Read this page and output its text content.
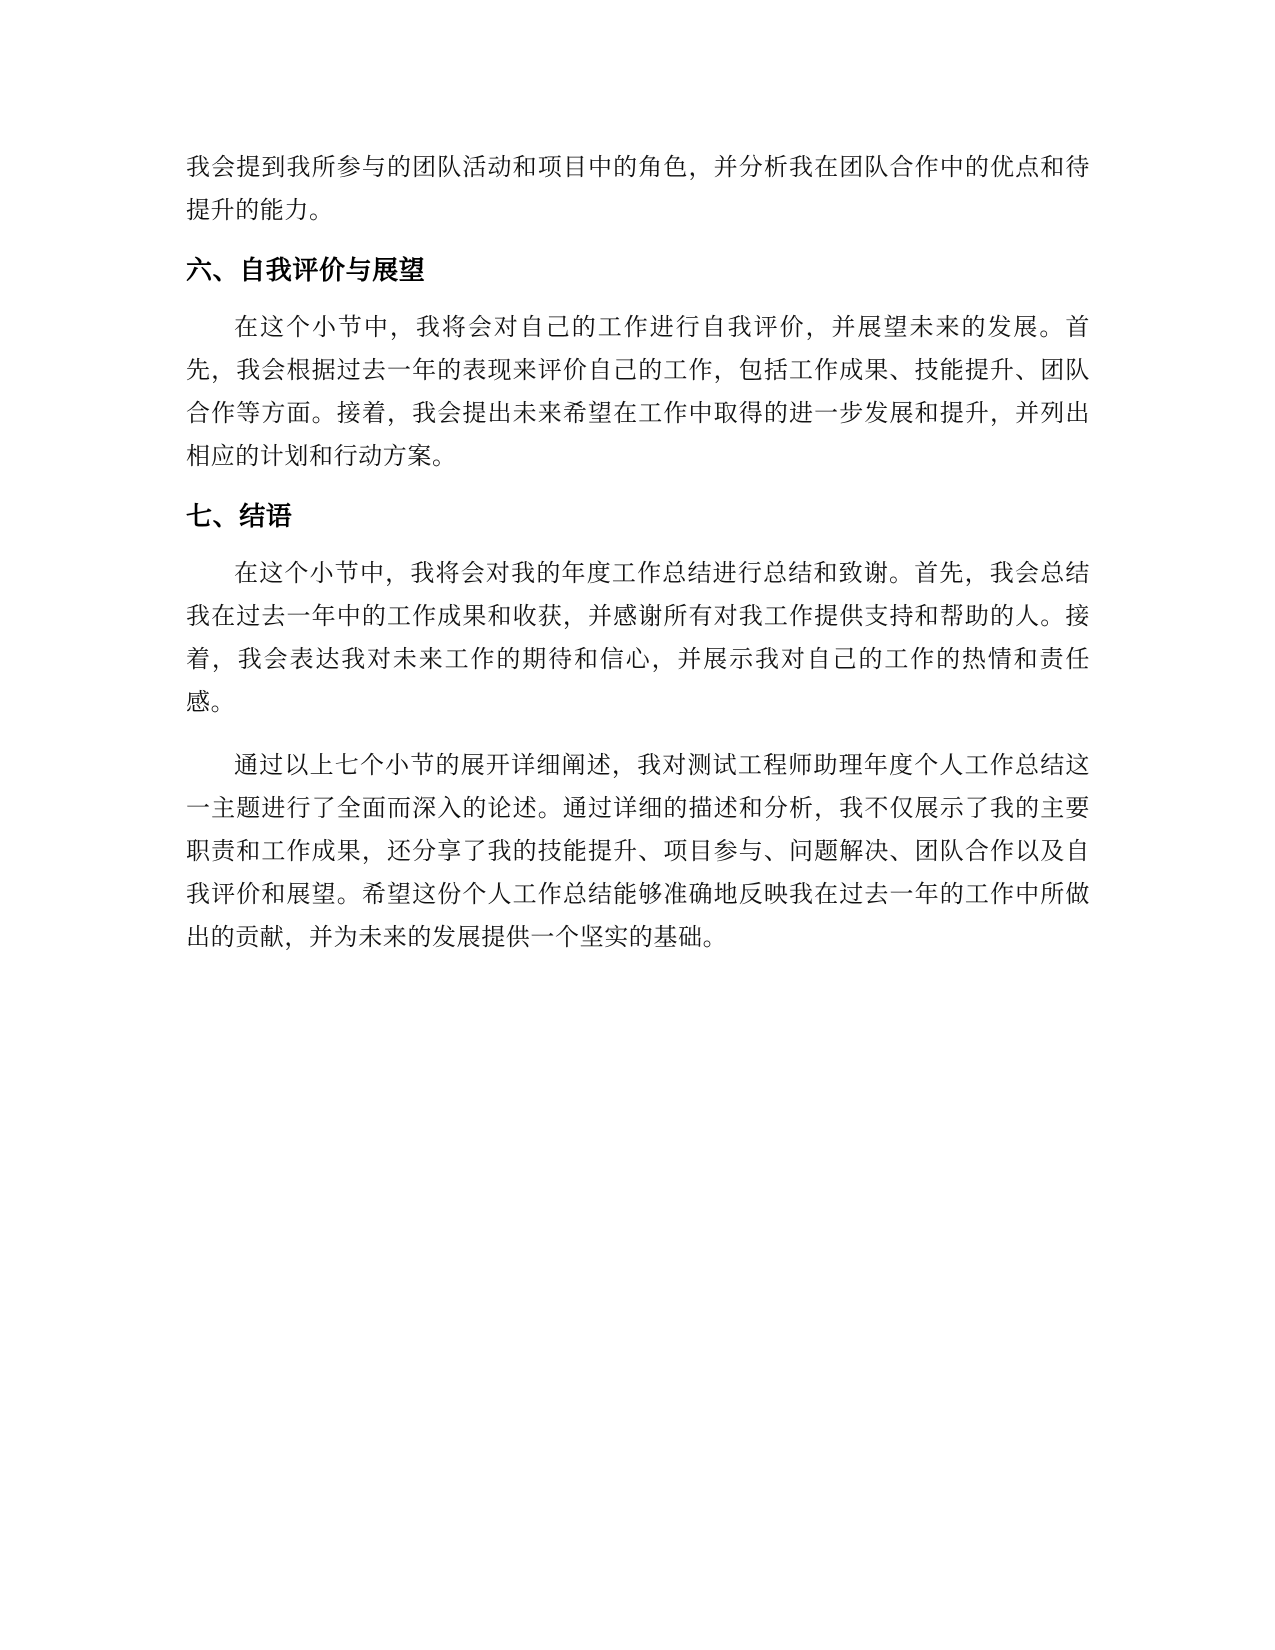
我会提到我所参与的团队活动和项目中的角色，并分析我在团队合作中的优点和待提升的能力。

六、自我评价与展望

在这个小节中，我将会对自己的工作进行自我评价，并展望未来的发展。首先，我会根据过去一年的表现来评价自己的工作，包括工作成果、技能提升、团队合作等方面。接着，我会提出未来希望在工作中取得的进一步发展和提升，并列出相应的计划和行动方案。

七、结语

在这个小节中，我将会对我的年度工作总结进行总结和致谢。首先，我会总结我在过去一年中的工作成果和收获，并感谢所有对我工作提供支持和帮助的人。接着，我会表达我对未来工作的期待和信心，并展示我对自己的工作的热情和责任感。

通过以上七个小节的展开详细阐述，我对测试工程师助理年度个人工作总结这一主题进行了全面而深入的论述。通过详细的描述和分析，我不仅展示了我的主要职责和工作成果，还分享了我的技能提升、项目参与、问题解决、团队合作以及自我评价和展望。希望这份个人工作总结能够准确地反映我在过去一年的工作中所做出的贡献，并为未来的发展提供一个坚实的基础。
